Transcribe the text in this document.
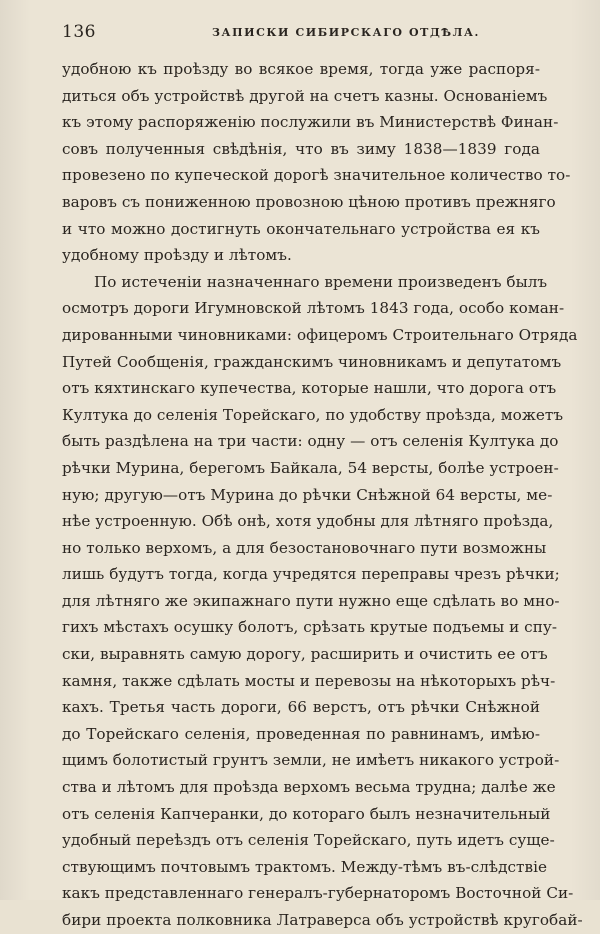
136	ЗАПИСКИ СИБИРСКАГО ОТДѢЛА.
удобною къ проѣзду во всякое время, тогда уже распоря-
диться объ устройствѣ другой на счетъ казны. Основаніемъ
къ этому распоряженію послужили въ Министерствѣ Финан-
совъ полученныя свѣдѣнія, что въ зиму 1838—1839 года
провезено по купеческой дорогѣ значительное количество то-
варовъ съ пониженною провозною цѣною противъ прежняго
и что можно достигнуть окончательнаго устройства ея къ
удобному проѣзду и лѣтомъ.
По истеченіи назначеннаго времени произведенъ былъ
осмотръ дороги Игумновской лѣтомъ 1843 года, особо коман-
дированными чиновниками: офицеромъ Строительнаго Отряда
Путей Сообщенія, гражданскимъ чиновникамъ и депутатомъ
отъ кяхтинскаго купечества, которые нашли, что дорога отъ
Култука до селенія Торейскаго, по удобству проѣзда, можетъ
быть раздѣлена на три части: одну — отъ селенія Култука до
рѣчки Мурина, берегомъ Байкала, 54 версты, болѣе устроен-
ную; другую—отъ Мурина до рѣчки Снѣжной 64 версты, ме-
нѣе устроенную. Обѣ онѣ, хотя удобны для лѣтняго проѣзда,
но только верхомъ, а для безостановочнаго пути возможны
лишь будутъ тогда, когда учредятся переправы чрезъ рѣчки;
для лѣтняго же экипажнаго пути нужно еще сдѣлать во мно-
гихъ мѣстахъ осушку болотъ, срѣзать крутые подъемы и спу-
ски, выравнять самую дорогу, расширить и очистить ее отъ
камня, также сдѣлать мосты и перевозы на нѣкоторыхъ рѣч-
кахъ. Третья часть дороги, 66 верстъ, отъ рѣчки Снѣжной
до Торейскаго селенія, проведенная по равнинамъ, имѣю-
щимъ болотистый грунтъ земли, не имѣетъ никакого устрой-
ства и лѣтомъ для проѣзда верхомъ весьма трудна; далѣе же
отъ селенія Капчеранки, до котораго былъ незначительный
удобный переѣздъ отъ селенія Торейскаго, путь идетъ суще-
ствующимъ почтовымъ трактомъ. Между-тѣмъ въ-слѣдствіе
какъ представленнаго генералъ-губернаторомъ Восточной Си-
бири проекта полковника Латраверса объ устройствѣ кругобай-
